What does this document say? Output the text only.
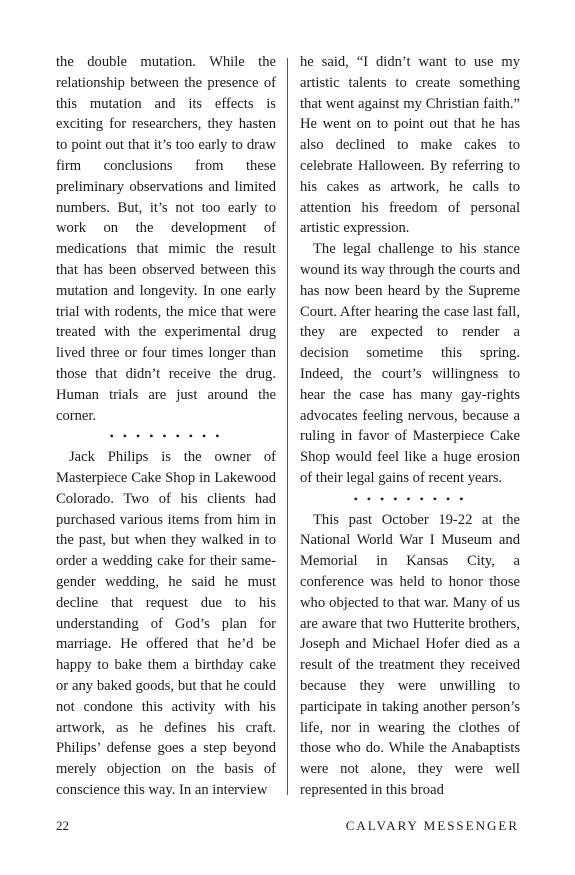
the double mutation. While the relationship between the presence of this mutation and its effects is exciting for researchers, they hasten to point out that it’s too early to draw firm conclusions from these preliminary observations and limited numbers. But, it’s not too early to work on the development of medications that mimic the result that has been observed between this mutation and longevity. In one early trial with rodents, the mice that were treated with the experimental drug lived three or four times longer than those that didn’t receive the drug. Human trials are just around the corner.

• • • • • • • • •

Jack Philips is the owner of Masterpiece Cake Shop in Lakewood Colorado. Two of his clients had purchased various items from him in the past, but when they walked in to order a wedding cake for their same-gender wedding, he said he must decline that request due to his understanding of God’s plan for marriage. He offered that he’d be happy to bake them a birthday cake or any baked goods, but that he could not condone this activity with his artwork, as he defines his craft. Philips’ defense goes a step beyond merely objection on the basis of conscience this way. In an interview

he said, “I didn’t want to use my artistic talents to create something that went against my Christian faith.” He went on to point out that he has also declined to make cakes to celebrate Halloween. By referring to his cakes as artwork, he calls to attention his freedom of personal artistic expression.

The legal challenge to his stance wound its way through the courts and has now been heard by the Supreme Court. After hearing the case last fall, they are expected to render a decision sometime this spring. Indeed, the court’s willingness to hear the case has many gay-rights advocates feeling nervous, because a ruling in favor of Masterpiece Cake Shop would feel like a huge erosion of their legal gains of recent years.

• • • • • • • • •

This past October 19-22 at the National World War I Museum and Memorial in Kansas City, a conference was held to honor those who objected to that war. Many of us are aware that two Hutterite brothers, Joseph and Michael Hofer died as a result of the treatment they received because they were unwilling to participate in taking another person’s life, nor in wearing the clothes of those who do. While the Anabaptists were not alone, they were well represented in this broad

22	CALVARY MESSENGER
